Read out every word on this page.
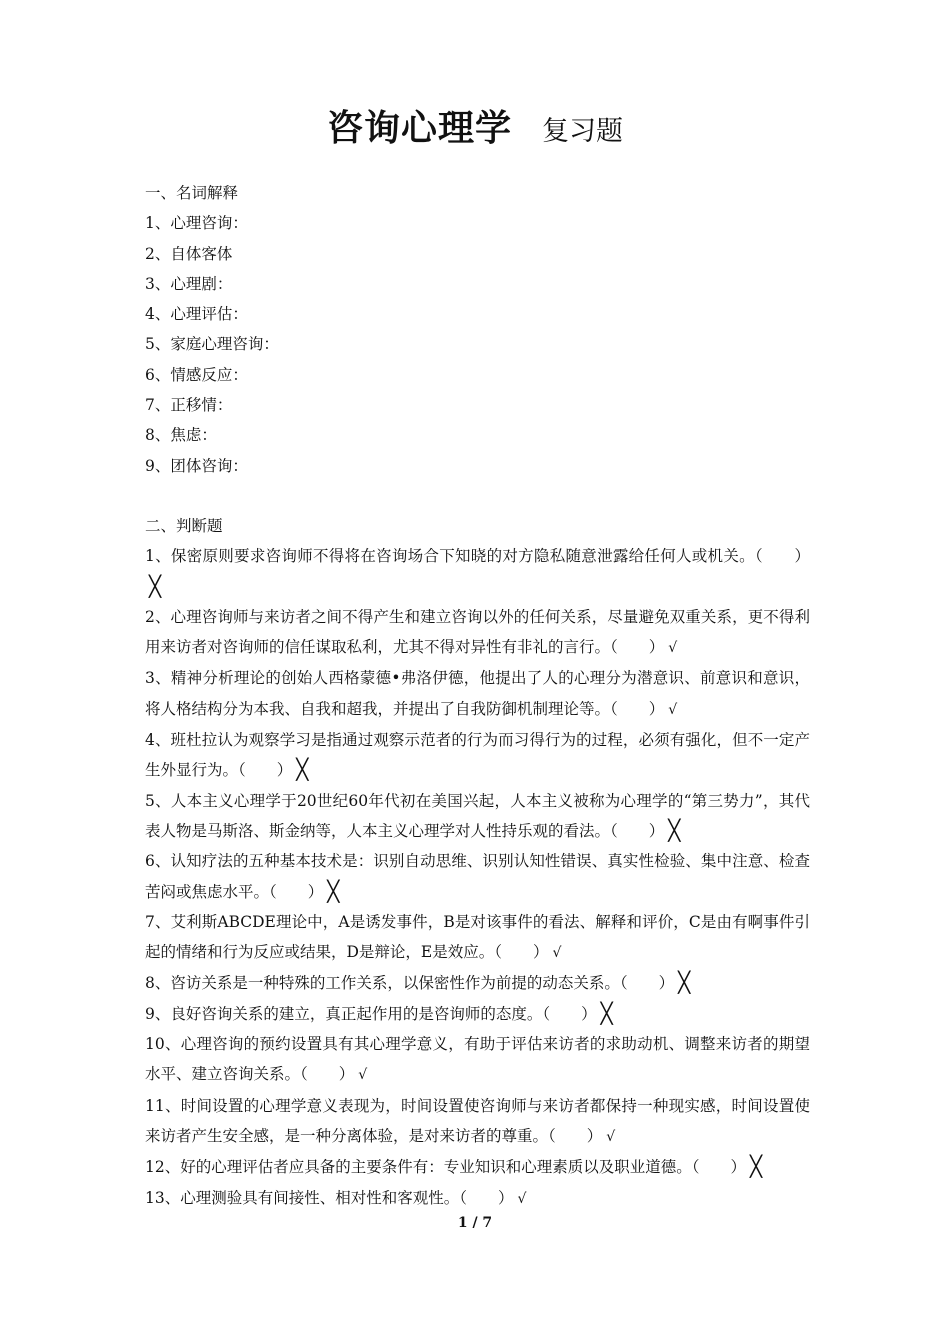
咨询心理学 复习题
一、名词解释
1、心理咨询：
2、自体客体
3、心理剧：
4、心理评估：
5、家庭心理咨询：
6、情感反应：
7、正移情：
8、焦虑：
9、团体咨询：
二、判断题
1、保密原则要求咨询师不得将在咨询场合下知晓的对方隐私随意泄露给任何人或机关。（　　）╳
2、心理咨询师与来访者之间不得产生和建立咨询以外的任何关系，尽量避免双重关系，更不得利用来访者对咨询师的信任谋取私利，尤其不得对异性有非礼的言行。（　　） √
3、精神分析理论的创始人西格蒙德•弗洛伊德，他提出了人的心理分为潜意识、前意识和意识，将人格结构分为本我、自我和超我，并提出了自我防御机制理论等。（　　） √
4、班杜拉认为观察学习是指通过观察示范者的行为而习得行为的过程，必须有强化，但不一定产生外显行为。（　　） ╳
5、人本主义心理学于20世纪60年代初在美国兴起，人本主义被称为心理学的“第三势力”，其代表人物是马斯洛、斯金纳等，人本主义心理学对人性持乐观的看法。（　　） ╳
6、认知疗法的五种基本技术是：识别自动思维、识别认知性错误、真实性检验、集中注意、检查苦闷或焦虑水平。（　　） ╳
7、艾利斯ABCDE理论中，A是诱发事件，B是对该事件的看法、解释和评价，C是由有啊事件引起的情绪和行为反应或结果，D是辩论，E是效应。（　　） √
8、咨访关系是一种特殊的工作关系，以保密性作为前提的动态关系。（　　） ╳
9、良好咨询关系的建立，真正起作用的是咨询师的态度。（　　） ╳
10、心理咨询的预约设置具有其心理学意义，有助于评估来访者的求助动机、调整来访者的期望水平、建立咨询关系。（　　） √
11、时间设置的心理学意义表现为，时间设置使咨询师与来访者都保持一种现实感，时间设置使来访者产生安全感，是一种分离体验，是对来访者的尊重。（　　） √
12、好的心理评估者应具备的主要条件有：专业知识和心理素质以及职业道德。（　　） ╳
13、心理测验具有间接性、相对性和客观性。（　　） √
1 / 7
